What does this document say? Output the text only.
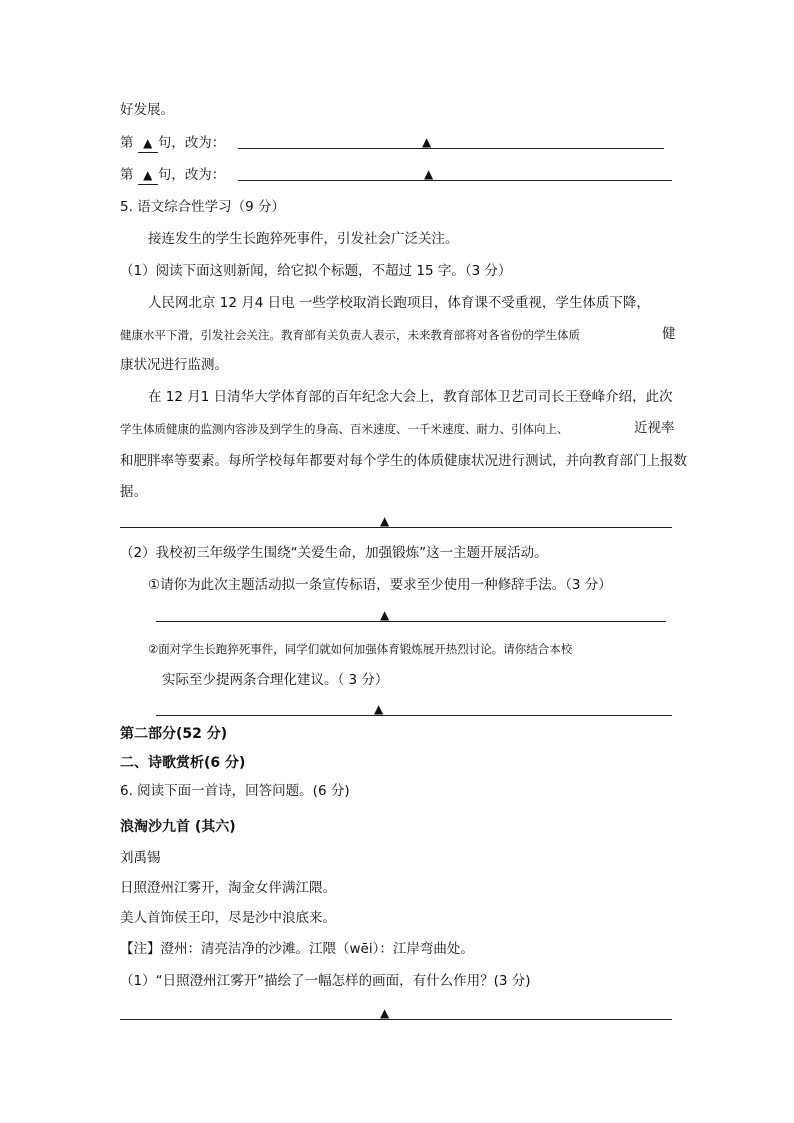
好发展。
第 ▲ 句，改为：	▲
第 ▲ 句，改为：	▲
5. 语文综合性学习（9 分）
接连发生的学生长跑猝死事件，引发社会广泛关注。
（1）阅读下面这则新闻，给它拟个标题，不超过 15 字。（3 分）
人民网北京 12 月4 日电 一些学校取消长跑项目，体育课不受重视，学生体质下降，
健康水平下滑，引发社会关注。教育部有关负责人表示，未来教育部将对各省份的学生体质	健
康状况进行监测。
在 12 月1 日清华大学体育部的百年纪念大会上，教育部体卫艺司司长王登峰介绍，此次
学生体质健康的监测内容涉及到学生的身高、百米速度、一千米速度、耐力、引体向上、	近视率
和肥胖率等要素。每所学校每年都要对每个学生的体质健康状况进行测试，并向教育部门上报数
据。
▲
（2）我校初三年级学生围绕“关爱生命，加强锻炼”这一主题开展活动。
①请你为此次主题活动拟一条宣传标语，要求至少使用一种修辞手法。（3 分）
▲
②面对学生长跑猝死事件，同学们就如何加强体育锻炼展开热烈讨论。请你结合本校
实际至少提两条合理化建议。（ 3 分）
▲
第二部分(52 分)
二、诗歌赏析(6 分)
6. 阅读下面一首诗，回答问题。(6 分)
浪淘沙九首 (其六)
刘禹锡
日照澄州江雾开，淘金女伴满江隈。
美人首饰侯王印，尽是沙中浪底来。
【注】澄州：清亮洁净的沙滩。江隈（wēi）：江岸弯曲处。
（1）“日照澄州江雾开”描绘了一幅怎样的画面，有什么作用？(3 分)
▲
